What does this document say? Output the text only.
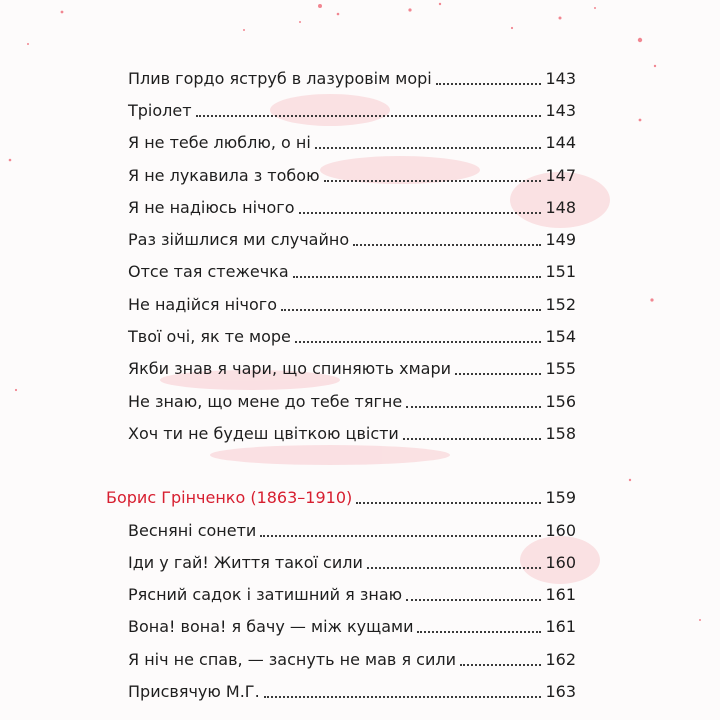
Плив гордо яструб в лазуровім морі	143
Тріолет	143
Я не тебе люблю, о ні	144
Я не лукавила з тобою	147
Я не надіюсь нічого	148
Раз зійшлися ми случайно	149
Отсе тая стежечка	151
Не надійся нічого	152
Твої очі, як те море	154
Якби знав я чари, що спиняють хмари	155
Не знаю, що мене до тебе тягне	156
Хоч ти не будеш цвіткою цвісти	158
Борис Грінченко (1863–1910)	159
Весняні сонети	160
Іди у гай! Життя такої сили	160
Рясний садок і затишний я знаю	161
Вона! вона! я бачу — між кущами	161
Я ніч не спав, — заснуть не мав я сили	162
Присвячую М.Г.	163
